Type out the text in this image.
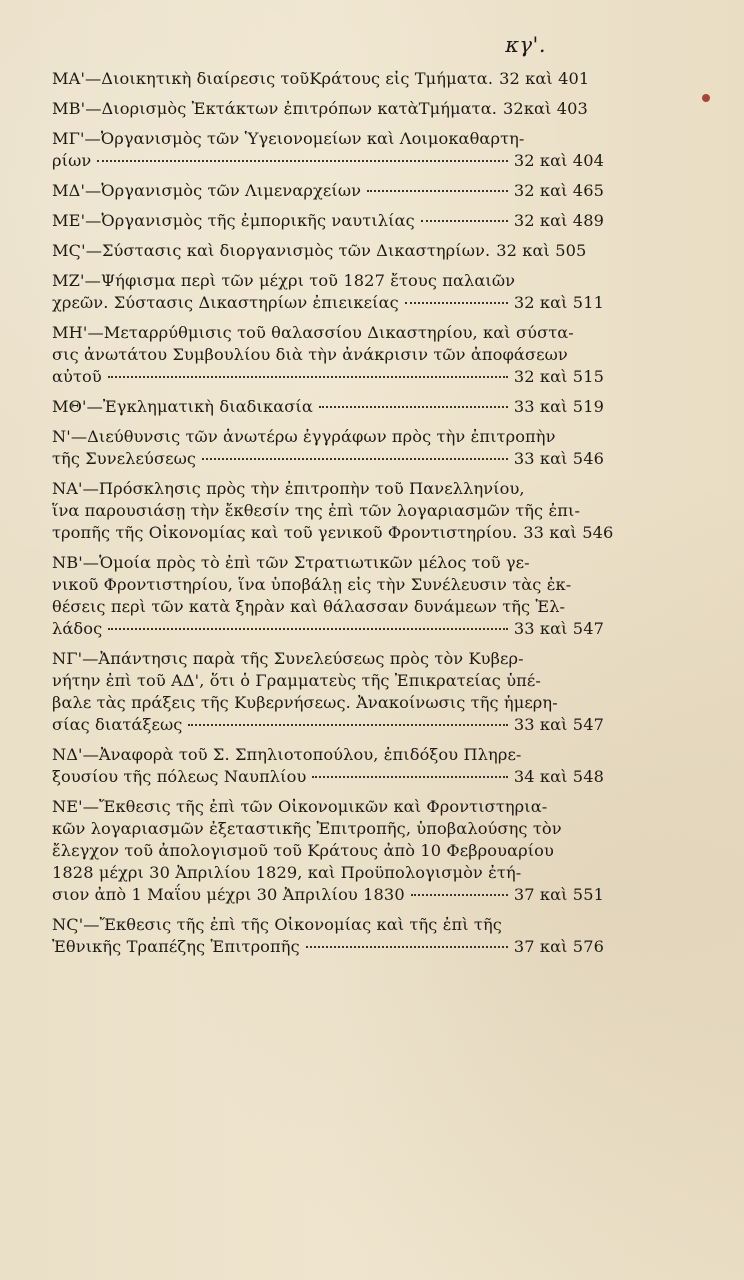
κγ'.
ΜΑ'—Διοικητικὴ διαίρεσις τοῦΚράτους εἰς Τμήματα. 32 καὶ 401
ΜΒ'—Διορισμὸς Ἐκτάκτων ἐπιτρόπων κατὰΤμήματα. 32καὶ 403
ΜΓ'—Ὀργανισμὸς τῶν Ὑγειονομείων καὶ Λοιμοκαθαρτη-
ρίων	32 καὶ 404
ΜΔ'—Ὀργανισμὸς τῶν Λιμεναρχείων	32 καὶ 465
ΜΕ'—Ὀργανισμὸς τῆς ἐμπορικῆς ναυτιλίας	32 καὶ 489
ΜϚ'—Σύστασις καὶ διοργανισμὸς τῶν Δικαστηρίων. 32 καὶ 505
ΜΖ'—Ψήφισμα περὶ τῶν μέχρι τοῦ 1827 ἔτους παλαιῶν
χρεῶν. Σύστασις Δικαστηρίων ἐπιεικείας	32 καὶ 511
ΜΗ'—Μεταρρύθμισις τοῦ θαλασσίου Δικαστηρίου, καὶ σύστα-
σις ἀνωτάτου Συμβουλίου διὰ τὴν ἀνάκρισιν τῶν ἀποφάσεων
αὐτοῦ	32 καὶ 515
ΜΘ'—Ἐγκληματικὴ διαδικασία	33 καὶ 519
Ν'—Διεύθυνσις τῶν ἀνωτέρω ἐγγράφων πρὸς τὴν ἐπιτροπὴν
τῆς Συνελεύσεως	33 καὶ 546
ΝΑ'—Πρόσκλησις πρὸς τὴν ἐπιτροπὴν τοῦ Πανελληνίου,
ἵνα παρουσιάσῃ τὴν ἔκθεσίν της ἐπὶ τῶν λογαριασμῶν τῆς ἐπι-
τροπῆς τῆς Οἰκονομίας καὶ τοῦ γενικοῦ Φροντιστηρίου. 33 καὶ 546
ΝΒ'—Ὁμοία πρὸς τὸ ἐπὶ τῶν Στρατιωτικῶν μέλος τοῦ γε-
νικοῦ Φροντιστηρίου, ἵνα ὑποβάλῃ εἰς τὴν Συνέλευσιν τὰς ἐκ-
θέσεις περὶ τῶν κατὰ ξηρὰν καὶ θάλασσαν δυνάμεων τῆς Ἑλ-
λάδος	33 καὶ 547
ΝΓ'—Ἀπάντησις παρὰ τῆς Συνελεύσεως πρὸς τὸν Κυβερ-
νήτην ἐπὶ τοῦ ΑΔ', ὅτι ὁ Γραμματεὺς τῆς Ἐπικρατείας ὑπέ-
βαλε τὰς πράξεις τῆς Κυβερνήσεως. Ἀνακοίνωσις τῆς ἡμερη-
σίας διατάξεως	33 καὶ 547
ΝΔ'—Ἀναφορὰ τοῦ Σ. Σπηλιοτοπούλου, ἐπιδόξου Πληρε-
ξουσίου τῆς πόλεως Ναυπλίου	34 καὶ 548
ΝΕ'—Ἔκθεσις τῆς ἐπὶ τῶν Οἰκονομικῶν καὶ Φροντιστηρια-
κῶν λογαριασμῶν ἐξεταστικῆς Ἐπιτροπῆς, ὑποβαλούσης τὸν
ἔλεγχον τοῦ ἀπολογισμοῦ τοῦ Κράτους ἀπὸ 10 Φεβρουαρίου
1828 μέχρι 30 Ἀπριλίου 1829, καὶ Προϋπολογισμὸν ἐτή-
σιον ἀπὸ 1 Μαΐου μέχρι 30 Ἀπριλίου 1830	37 καὶ 551
ΝϚ'—Ἔκθεσις τῆς ἐπὶ τῆς Οἰκονομίας καὶ τῆς ἐπὶ τῆς
Ἐθνικῆς Τραπέζης Ἐπιτροπῆς	37 καὶ 576
